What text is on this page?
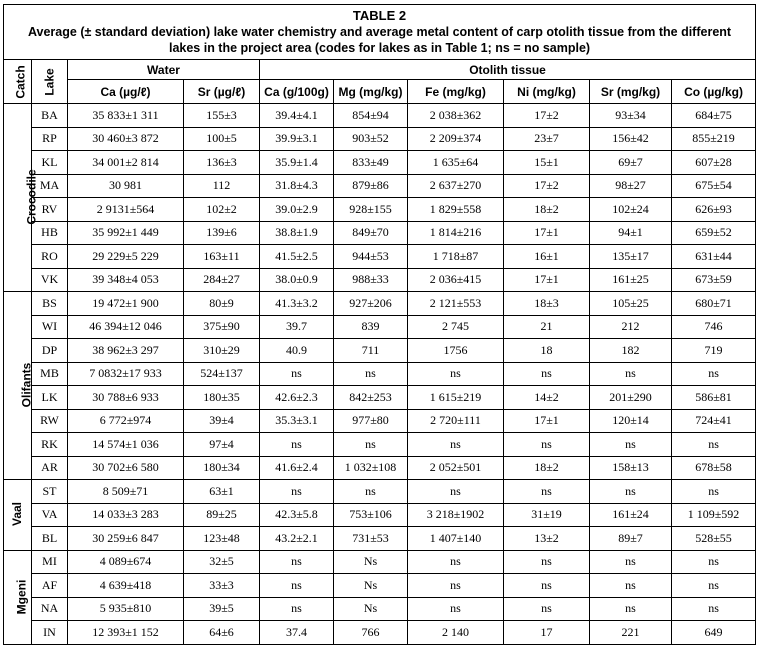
TABLE 2
Average (± standard deviation) lake water chemistry and average metal content of carp otolith tissue from the different
lakes in the project area (codes for lakes as in Table 1; ns = no sample)									

Catch	Lake	Water		Otolith tissue					
		Ca (µg/ℓ)	Sr (µg/ℓ)	Ca (g/100g)	Mg (mg/kg)	Fe (mg/kg)	Ni (mg/kg)	Sr (mg/kg)	Co (µg/kg)
Crocodile	BA	35 833±1 311	155±3	39.4±4.1	854±94	2 038±362	17±2	93±34	684±75
	RP	30 460±3 872	100±5	39.9±3.1	903±52	2 209±374	23±7	156±42	855±219
	KL	34 001±2 814	136±3	35.9±1.4	833±49	1 635±64	15±1	69±7	607±28
	MA	30 981	112	31.8±4.3	879±86	2 637±270	17±2	98±27	675±54
	RV	2 9131±564	102±2	39.0±2.9	928±155	1 829±558	18±2	102±24	626±93
	HB	35 992±1 449	139±6	38.8±1.9	849±70	1 814±216	17±1	94±1	659±52
	RO	29 229±5 229	163±11	41.5±2.5	944±53	1 718±87	16±1	135±17	631±44
	VK	39 348±4 053	284±27	38.0±0.9	988±33	2 036±415	17±1	161±25	673±59
Olifants	BS	19 472±1 900	80±9	41.3±3.2	927±206	2 121±553	18±3	105±25	680±71
	WI	46 394±12 046	375±90	39.7	839	2 745	21	212	746
	DP	38 962±3 297	310±29	40.9	711	1756	18	182	719
	MB	7 0832±17 933	524±137	ns	ns	ns	ns	ns	ns
	LK	30 788±6 933	180±35	42.6±2.3	842±253	1 615±219	14±2	201±290	586±81
	RW	6 772±974	39±4	35.3±3.1	977±80	2 720±111	17±1	120±14	724±41
	RK	14 574±1 036	97±4	ns	ns	ns	ns	ns	ns
	AR	30 702±6 580	180±34	41.6±2.4	1 032±108	2 052±501	18±2	158±13	678±58
Vaal	ST	8 509±71	63±1	ns	ns	ns	ns	ns	ns
	VA	14 033±3 283	89±25	42.3±5.8	753±106	3 218±1902	31±19	161±24	1 109±592
	BL	30 259±6 847	123±48	43.2±2.1	731±53	1 407±140	13±2	89±7	528±55
Mgeni	MI	4 089±674	32±5	ns	Ns	ns	ns	ns	ns
	AF	4 639±418	33±3	ns	Ns	ns	ns	ns	ns
	NA	5 935±810	39±5	ns	Ns	ns	ns	ns	ns
	IN	12 393±1 152	64±6	37.4	766	2 140	17	221	649
